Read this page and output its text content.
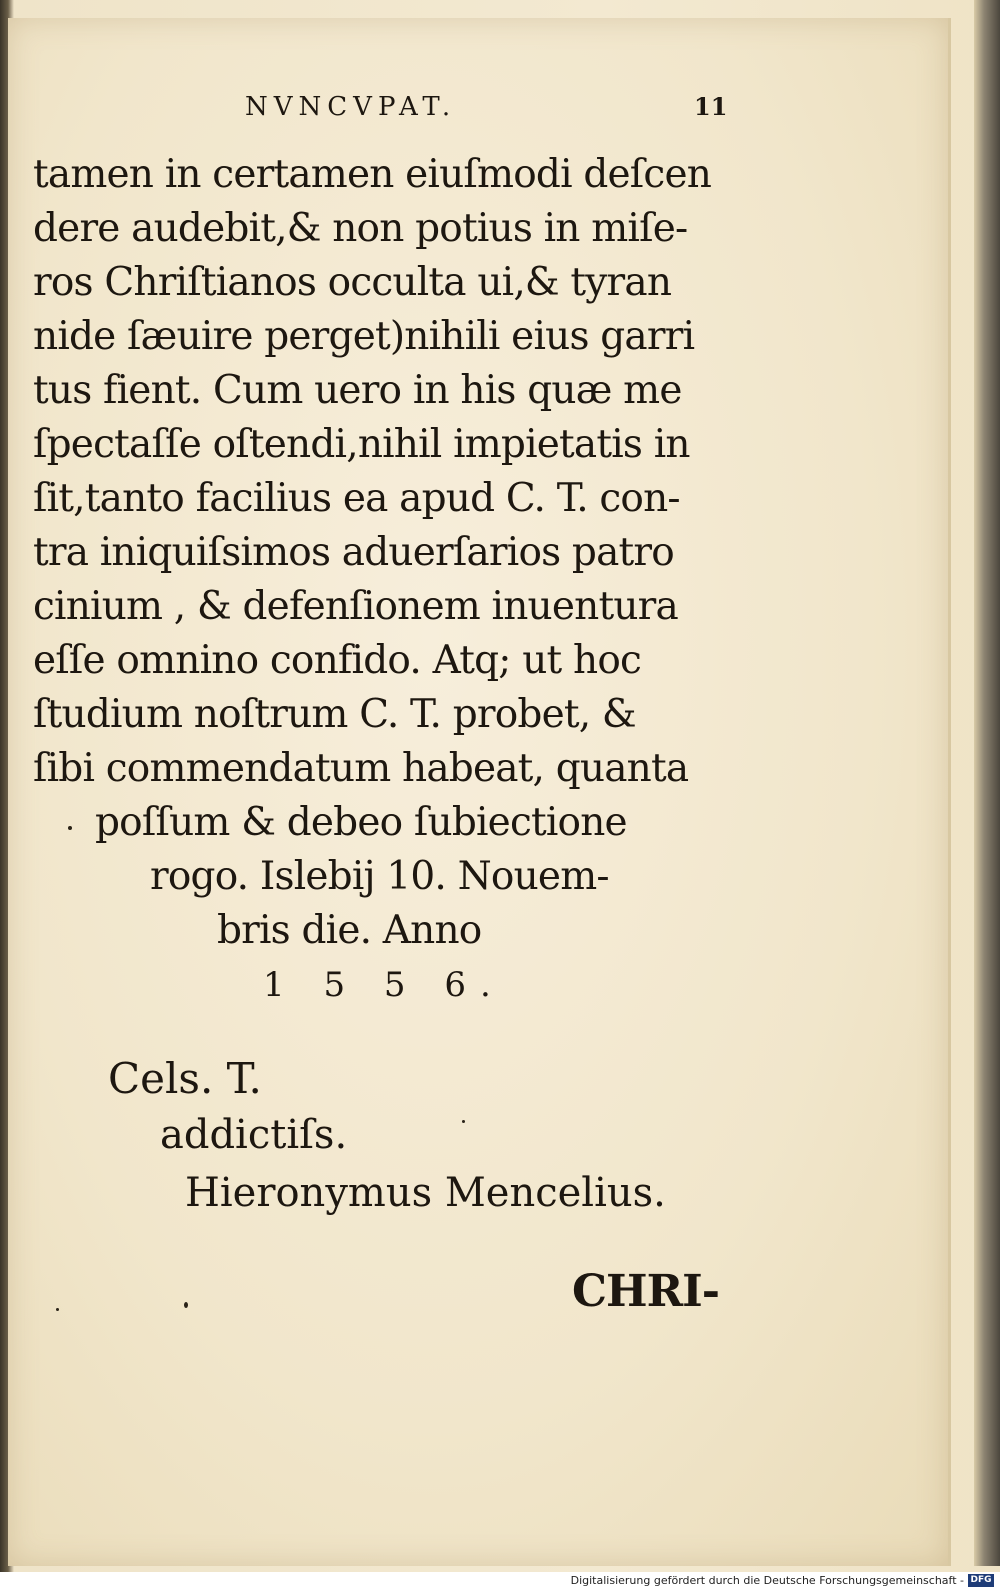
NVNCVPAT.	11
tamen in certamen eiuſmodi deſcen
dere audebit,& non potius in miſe-
ros Chriſtianos occulta ui,& tyran
nide ſæuire perget)nihili eius garri
tus fient. Cum uero in his quæ me
ſpectaſſe oſtendi,nihil impietatis in
ſit,tanto facilius ea apud C. T. con-
tra iniquiſsimos aduerſarios patro
cinium , & defenſionem inuentura
eſſe omnino confido. Atq; ut hoc
ſtudium noſtrum C. T. probet, &
ſibi commendatum habeat, quanta
poſſum & debeo ſubiectione
rogo. Islebij 10. Nouem-
bris die. Anno
1 5 5 6.
Cels. T.
addictiſs.
Hieronymus Mencelius.
CHRI-
Digitalisierung gefördert durch die Deutsche Forschungsgemeinschaft - DFG
